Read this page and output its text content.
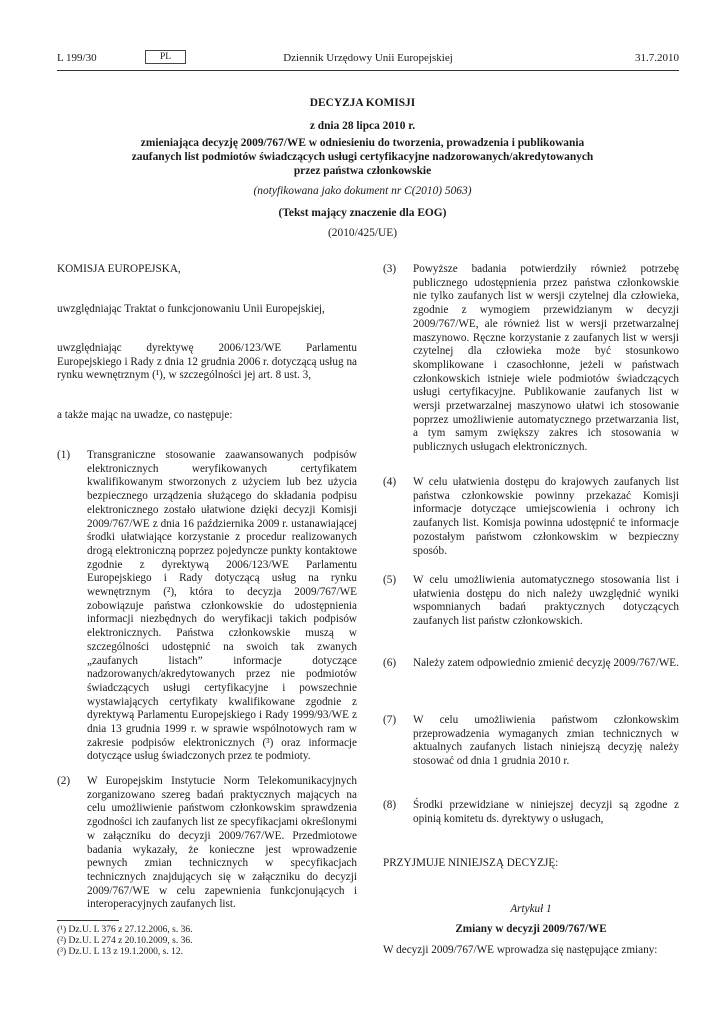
L 199/30	PL	Dziennik Urzędowy Unii Europejskiej	31.7.2010
DECYZJA KOMISJI
z dnia 28 lipca 2010 r.
zmieniająca decyzję 2009/767/WE w odniesieniu do tworzenia, prowadzenia i publikowania
zaufanych list podmiotów świadczących usługi certyfikacyjne nadzorowanych/akredytowanych
przez państwa członkowskie
(notyfikowana jako dokument nr C(2010) 5063)
(Tekst mający znaczenie dla EOG)
(2010/425/UE)
KOMISJA EUROPEJSKA,
uwzględniając Traktat o funkcjonowaniu Unii Europejskiej,
uwzględniając dyrektywę 2006/123/WE Parlamentu Europejskiego i Rady z dnia 12 grudnia 2006 r. dotyczącą usług na rynku wewnętrznym (¹), w szczególności jej art. 8 ust. 3,
a także mając na uwadze, co następuje:
(1) Transgraniczne stosowanie zaawansowanych podpisów elektronicznych weryfikowanych certyfikatem kwalifikowanym stworzonych z użyciem lub bez użycia bezpiecznego urządzenia służącego do składania podpisu elektronicznego zostało ułatwione dzięki decyzji Komisji 2009/767/WE z dnia 16 października 2009 r. ustanawiającej środki ułatwiające korzystanie z procedur realizowanych drogą elektroniczną poprzez pojedyncze punkty kontaktowe zgodnie z dyrektywą 2006/123/WE Parlamentu Europejskiego i Rady dotyczącą usług na rynku wewnętrznym (²), która to decyzja 2009/767/WE zobowiązuje państwa członkowskie do udostępnienia informacji niezbędnych do weryfikacji takich podpisów elektronicznych. Państwa członkowskie muszą w szczególności udostępnić na swoich tak zwanych „zaufanych listach” informacje dotyczące nadzorowanych/akredytowanych przez nie podmiotów świadczących usługi certyfikacyjne i powszechnie wystawiających certyfikaty kwalifikowane zgodnie z dyrektywą Parlamentu Europejskiego i Rady 1999/93/WE z dnia 13 grudnia 1999 r. w sprawie wspólnotowych ram w zakresie podpisów elektronicznych (³) oraz informacje dotyczące usług świadczonych przez te podmioty.
(2) W Europejskim Instytucie Norm Telekomunikacyjnych zorganizowano szereg badań praktycznych mających na celu umożliwienie państwom członkowskim sprawdzenia zgodności ich zaufanych list ze specyfikacjami określonymi w załączniku do decyzji 2009/767/WE. Przedmiotowe badania wykazały, że konieczne jest wprowadzenie pewnych zmian technicznych w specyfikacjach technicznych znajdujących się w załączniku do decyzji 2009/767/WE w celu zapewnienia funkcjonujących i interoperacyjnych zaufanych list.
(¹) Dz.U. L 376 z 27.12.2006, s. 36.
(²) Dz.U. L 274 z 20.10.2009, s. 36.
(³) Dz.U. L 13 z 19.1.2000, s. 12.
(3) Powyższe badania potwierdziły również potrzebę publicznego udostępnienia przez państwa członkowskie nie tylko zaufanych list w wersji czytelnej dla człowieka, zgodnie z wymogiem przewidzianym w decyzji 2009/767/WE, ale również list w wersji przetwarzalnej maszynowo. Ręczne korzystanie z zaufanych list w wersji czytelnej dla człowieka może być stosunkowo skomplikowane i czasochłonne, jeżeli w państwach członkowskich istnieje wiele podmiotów świadczących usługi certyfikacyjne. Publikowanie zaufanych list w wersji przetwarzalnej maszynowo ułatwi ich stosowanie poprzez umożliwienie automatycznego przetwarzania list, a tym samym zwiększy zakres ich stosowania w publicznych usługach elektronicznych.
(4) W celu ułatwienia dostępu do krajowych zaufanych list państwa członkowskie powinny przekazać Komisji informacje dotyczące umiejscowienia i ochrony ich zaufanych list. Komisja powinna udostępnić te informacje pozostałym państwom członkowskim w bezpieczny sposób.
(5) W celu umożliwienia automatycznego stosowania list i ułatwienia dostępu do nich należy uwzględnić wyniki wspomnianych badań praktycznych dotyczących zaufanych list państw członkowskich.
(6) Należy zatem odpowiednio zmienić decyzję 2009/767/WE.
(7) W celu umożliwienia państwom członkowskim przeprowadzenia wymaganych zmian technicznych w aktualnych zaufanych listach niniejszą decyzję należy stosować od dnia 1 grudnia 2010 r.
(8) Środki przewidziane w niniejszej decyzji są zgodne z opinią komitetu ds. dyrektywy o usługach,
PRZYJMUJE NINIEJSZĄ DECYZJĘ:
Artykuł 1
Zmiany w decyzji 2009/767/WE
W decyzji 2009/767/WE wprowadza się następujące zmiany:
